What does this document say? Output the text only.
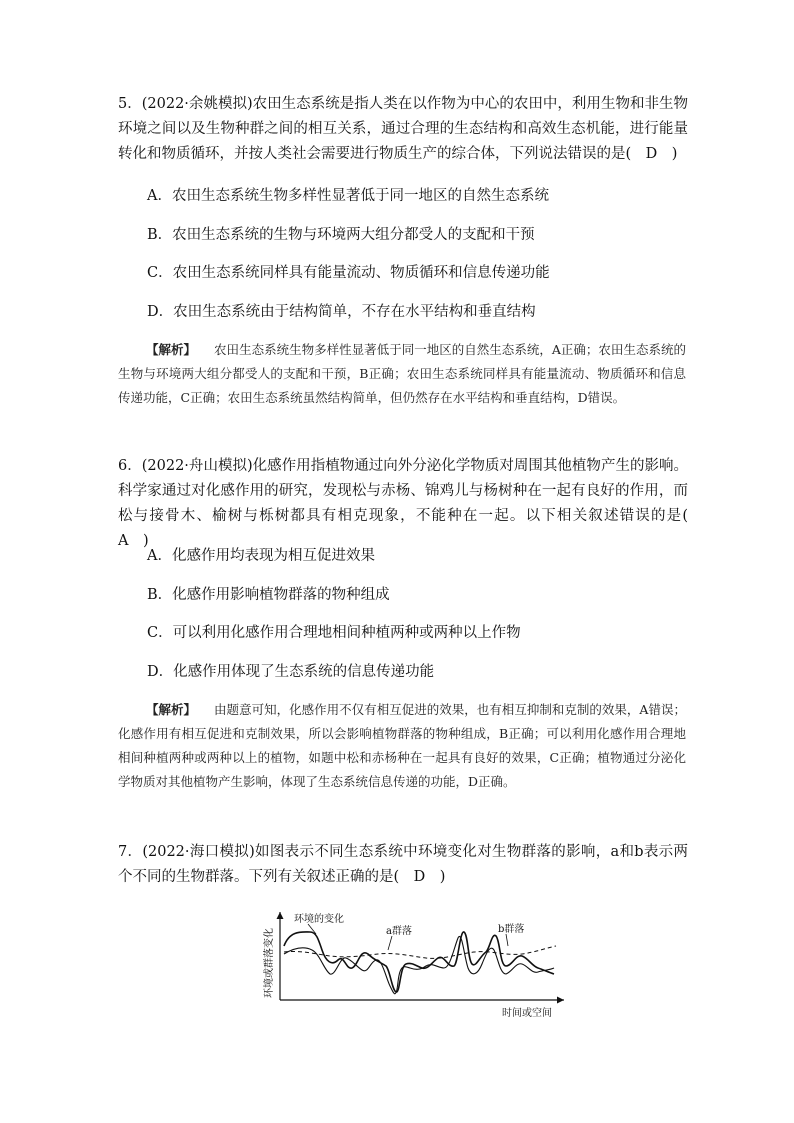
5．(2022·余姚模拟)农田生态系统是指人类在以作物为中心的农田中，利用生物和非生物环境之间以及生物种群之间的相互关系，通过合理的生态结构和高效生态机能，进行能量转化和物质循环，并按人类社会需要进行物质生产的综合体，下列说法错误的是(　D　)

A．农田生态系统生物多样性显著低于同一地区的自然生态系统

B．农田生态系统的生物与环境两大组分都受人的支配和干预

C．农田生态系统同样具有能量流动、物质循环和信息传递功能

D．农田生态系统由于结构简单，不存在水平结构和垂直结构

【解析】 农田生态系统生物多样性显著低于同一地区的自然生态系统，A正确；农田生态系统的生物与环境两大组分都受人的支配和干预，B正确；农田生态系统同样具有能量流动、物质循环和信息传递功能，C正确；农田生态系统虽然结构简单，但仍然存在水平结构和垂直结构，D错误。

6．(2022·舟山模拟)化感作用指植物通过向外分泌化学物质对周围其他植物产生的影响。科学家通过对化感作用的研究，发现松与赤杨、锦鸡儿与杨树种在一起有良好的作用，而松与接骨木、榆树与栎树都具有相克现象，不能种在一起。以下相关叙述错误的是(　A　)

A．化感作用均表现为相互促进效果

B．化感作用影响植物群落的物种组成

C．可以利用化感作用合理地相间种植两种或两种以上作物

D．化感作用体现了生态系统的信息传递功能

【解析】 由题意可知，化感作用不仅有相互促进的效果，也有相互抑制和克制的效果，A错误；化感作用有相互促进和克制效果，所以会影响植物群落的物种组成，B正确；可以利用化感作用合理地相间种植两种或两种以上的植物，如题中松和赤杨种在一起具有良好的效果，C正确；植物通过分泌化学物质对其他植物产生影响，体现了生态系统信息传递的功能，D正确。

7．(2022·海口模拟)如图表示不同生态系统中环境变化对生物群落的影响，a和b表示两个不同的生物群落。下列有关叙述正确的是(　D　)

环境或群落变化
时间或空间
环境的变化
a群落	b群落
